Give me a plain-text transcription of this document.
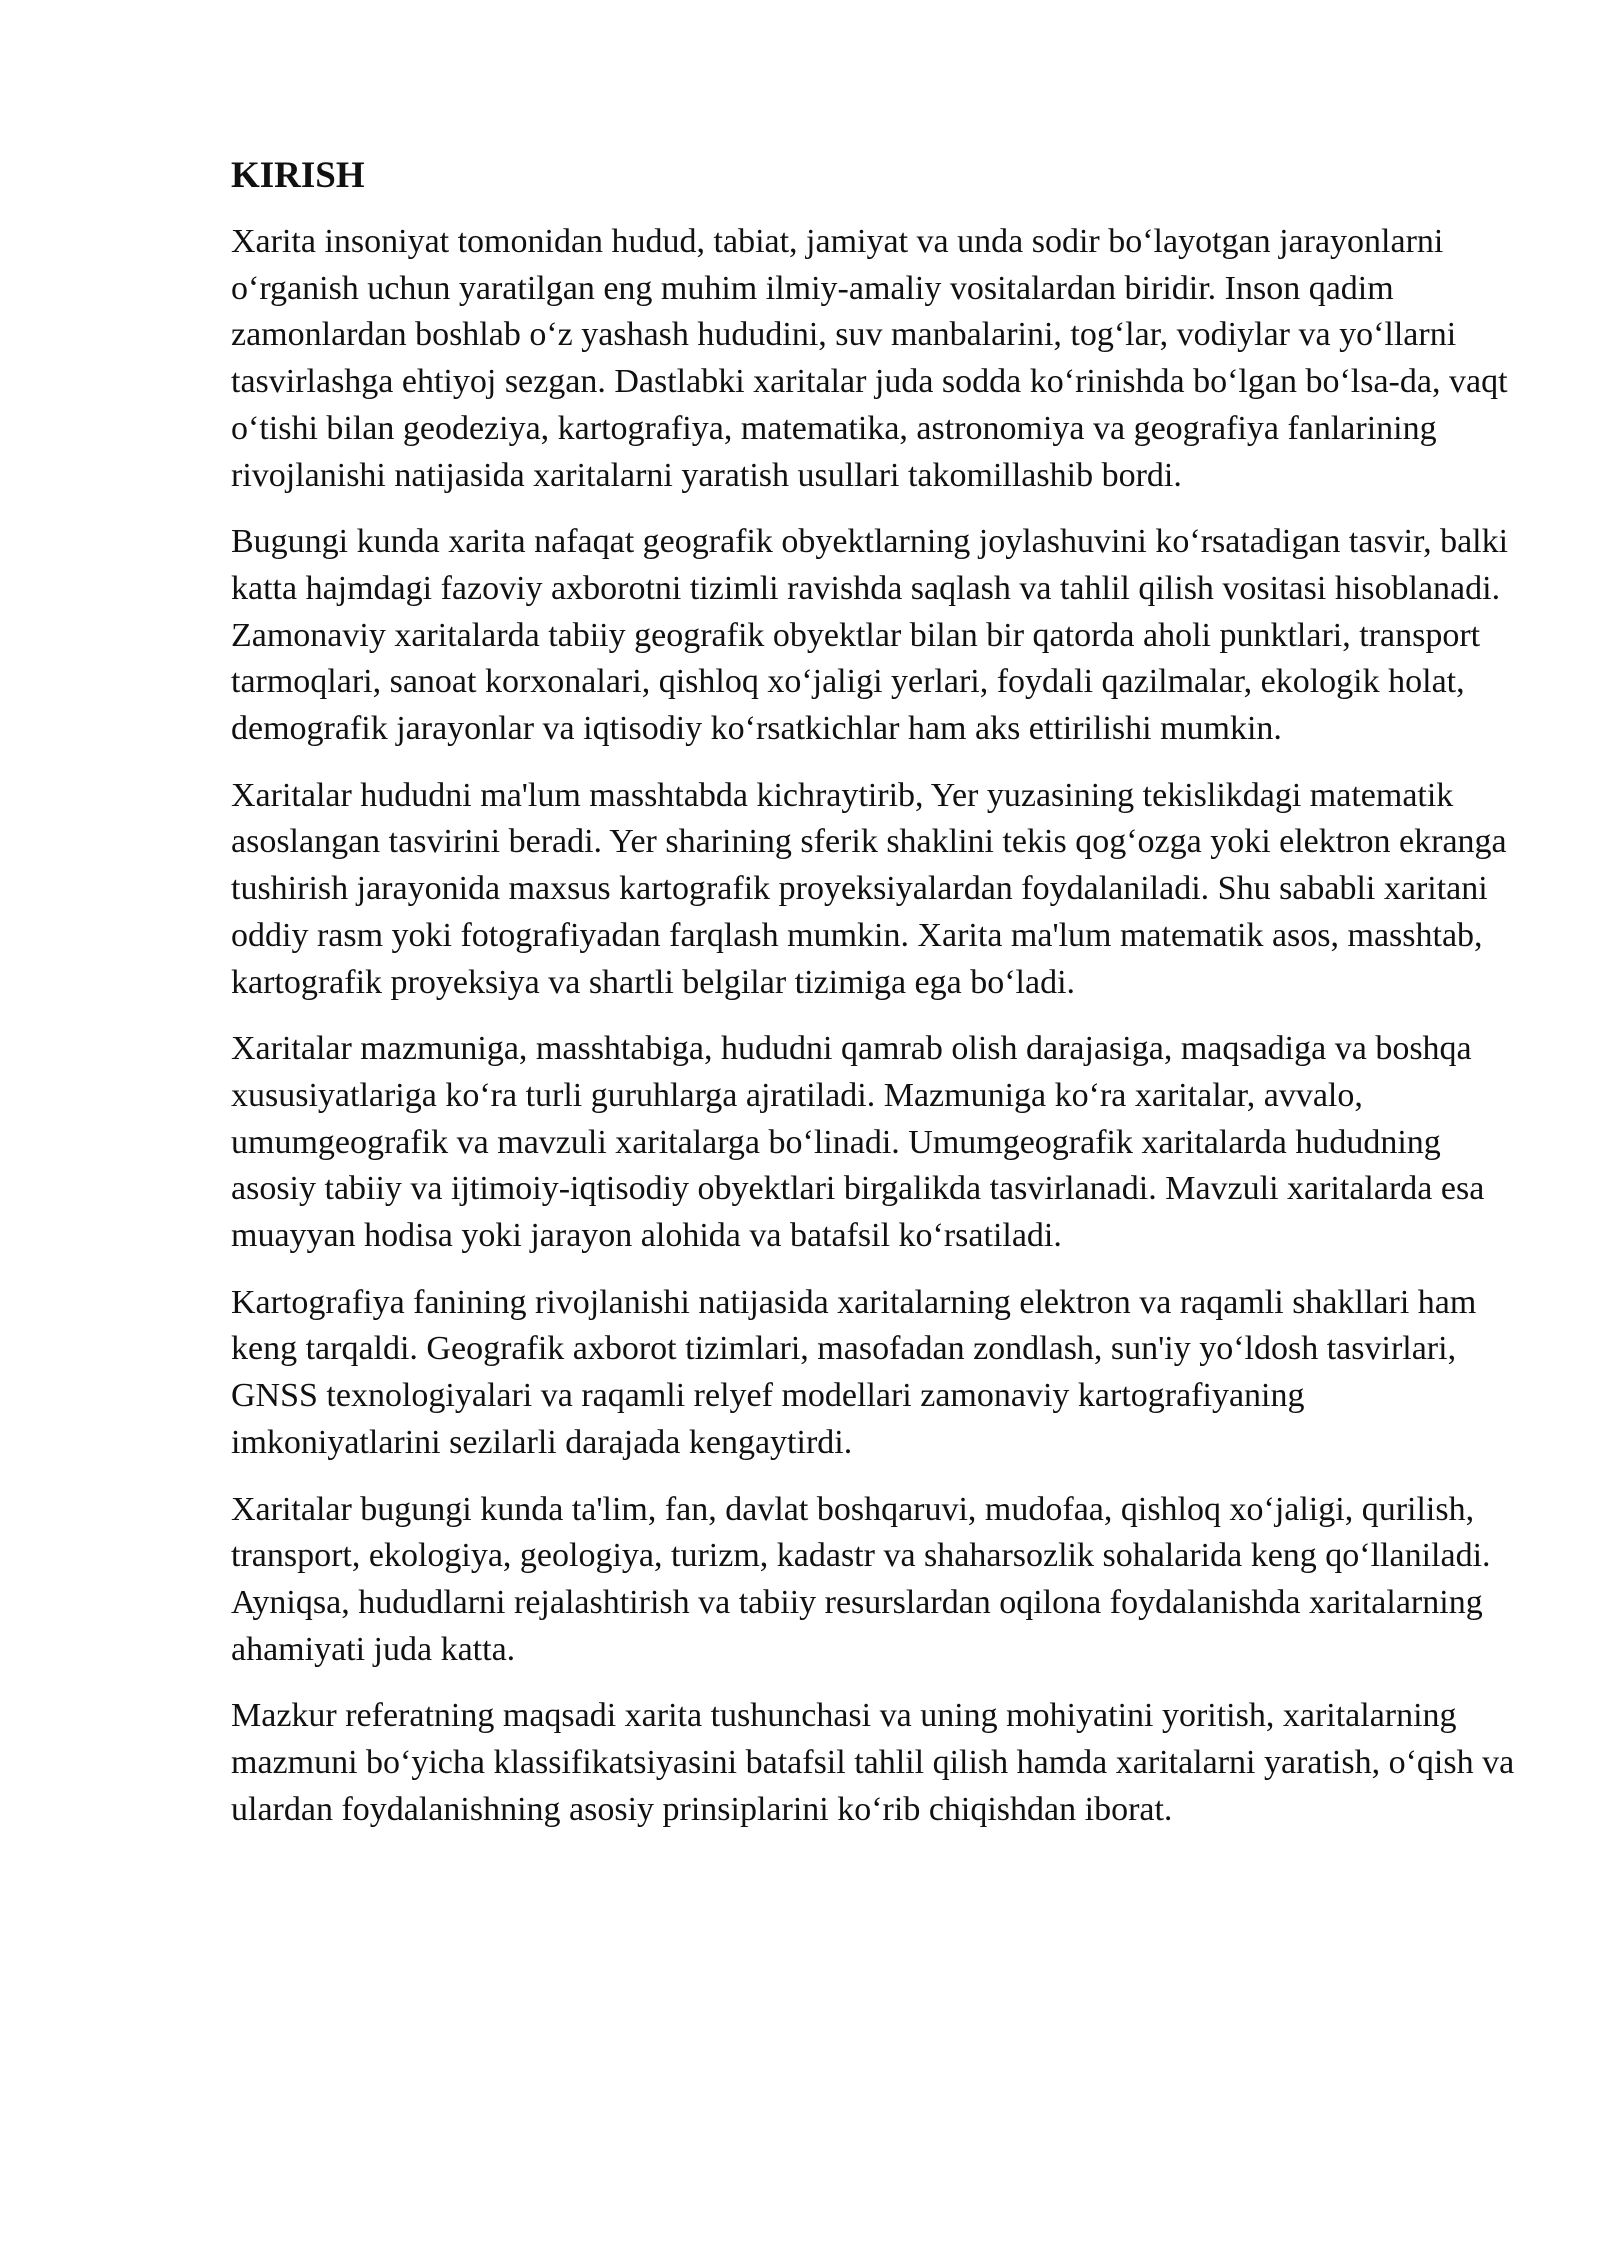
KIRISH

Xarita insoniyat tomonidan hudud, tabiat, jamiyat va unda sodir bo‘layotgan jarayonlarni o‘rganish uchun yaratilgan eng muhim ilmiy-amaliy vositalardan biridir. Inson qadim zamonlardan boshlab o‘z yashash hududini, suv manbalarini, tog‘lar, vodiylar va yo‘llarni tasvirlashga ehtiyoj sezgan. Dastlabki xaritalar juda sodda ko‘rinishda bo‘lgan bo‘lsa-da, vaqt o‘tishi bilan geodeziya, kartografiya, matematika, astronomiya va geografiya fanlarining rivojlanishi natijasida xaritalarni yaratish usullari takomillashib bordi.

Bugungi kunda xarita nafaqat geografik obyektlarning joylashuvini ko‘rsatadigan tasvir, balki katta hajmdagi fazoviy axborotni tizimli ravishda saqlash va tahlil qilish vositasi hisoblanadi. Zamonaviy xaritalarda tabiiy geografik obyektlar bilan bir qatorda aholi punktlari, transport tarmoqlari, sanoat korxonalari, qishloq xo‘jaligi yerlari, foydali qazilmalar, ekologik holat, demografik jarayonlar va iqtisodiy ko‘rsatkichlar ham aks ettirilishi mumkin.

Xaritalar hududni ma'lum masshtabda kichraytirib, Yer yuzasining tekislikdagi matematik asoslangan tasvirini beradi. Yer sharining sferik shaklini tekis qog‘ozga yoki elektron ekranga tushirish jarayonida maxsus kartografik proyeksiyalardan foydalaniladi. Shu sababli xaritani oddiy rasm yoki fotografiyadan farqlash mumkin. Xarita ma'lum matematik asos, masshtab, kartografik proyeksiya va shartli belgilar tizimiga ega bo‘ladi.

Xaritalar mazmuniga, masshtabiga, hududni qamrab olish darajasiga, maqsadiga va boshqa xususiyatlariga ko‘ra turli guruhlarga ajratiladi. Mazmuniga ko‘ra xaritalar, avvalo, umumgeografik va mavzuli xaritalarga bo‘linadi. Umumgeografik xaritalarda hududning asosiy tabiiy va ijtimoiy-iqtisodiy obyektlari birgalikda tasvirlanadi. Mavzuli xaritalarda esa muayyan hodisa yoki jarayon alohida va batafsil ko‘rsatiladi.

Kartografiya fanining rivojlanishi natijasida xaritalarning elektron va raqamli shakllari ham keng tarqaldi. Geografik axborot tizimlari, masofadan zondlash, sun'iy yo‘ldosh tasvirlari, GNSS texnologiyalari va raqamli relyef modellari zamonaviy kartografiyaning imkoniyatlarini sezilarli darajada kengaytirdi.

Xaritalar bugungi kunda ta'lim, fan, davlat boshqaruvi, mudofaa, qishloq xo‘jaligi, qurilish, transport, ekologiya, geologiya, turizm, kadastr va shaharsozlik sohalarida keng qo‘llaniladi. Ayniqsa, hududlarni rejalashtirish va tabiiy resurslardan oqilona foydalanishda xaritalarning ahamiyati juda katta.

Mazkur referatning maqsadi xarita tushunchasi va uning mohiyatini yoritish, xaritalarning mazmuni bo‘yicha klassifikatsiyasini batafsil tahlil qilish hamda xaritalarni yaratish, o‘qish va ulardan foydalanishning asosiy prinsiplarini ko‘rib chiqishdan iborat.
